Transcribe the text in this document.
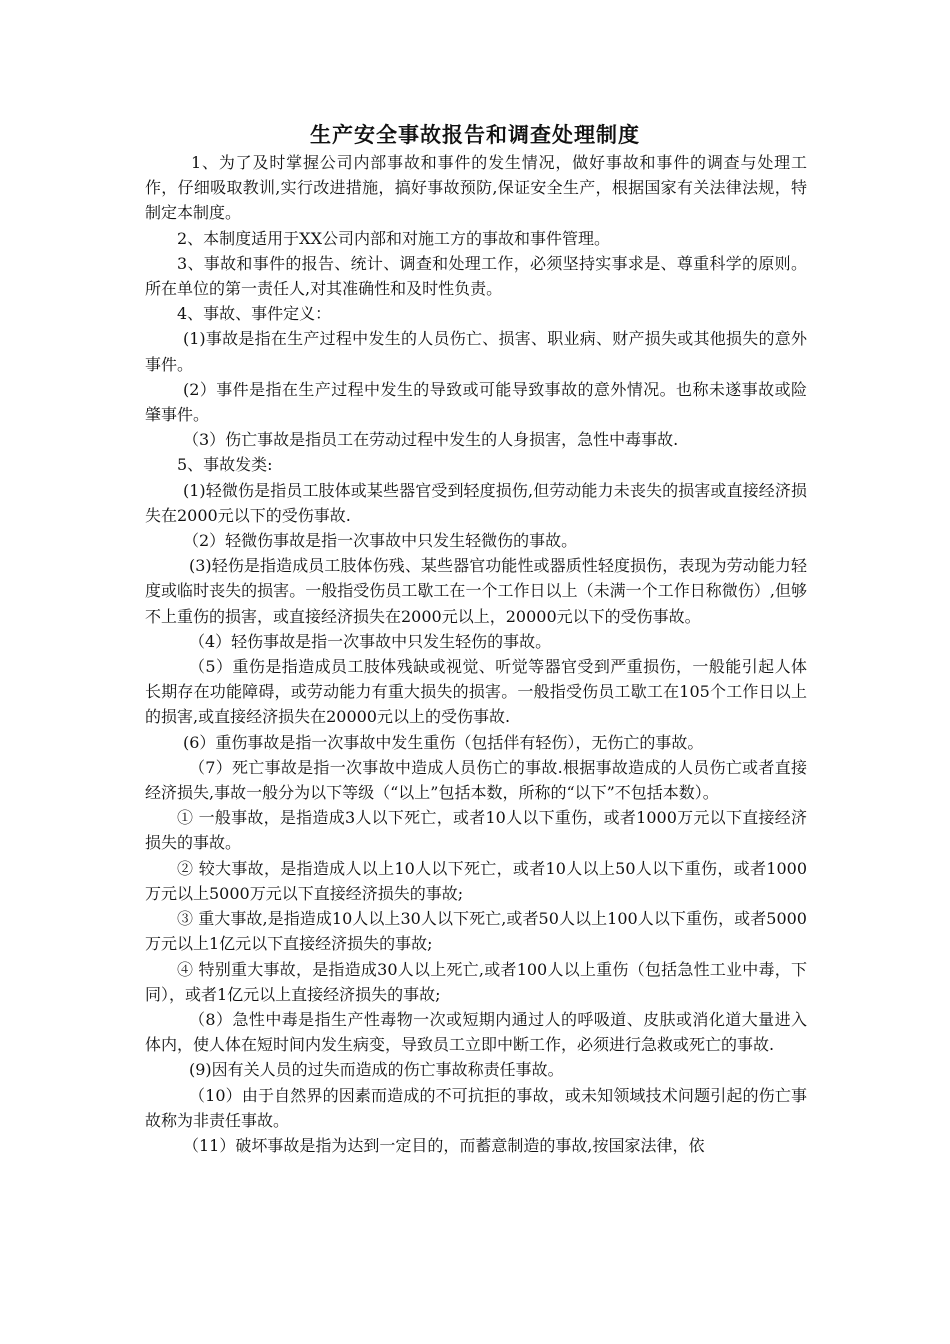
生产安全事故报告和调查处理制度

1、为了及时掌握公司内部事故和事件的发生情况，做好事故和事件的调查与处理工作，仔细吸取教训,实行改进措施，搞好事故预防,保证安全生产，根据国家有关法律法规，特制定本制度。

2、本制度适用于XX公司内部和对施工方的事故和事件管理。

3、事故和事件的报告、统计、调查和处理工作，必须坚持实事求是、尊重科学的原则。所在单位的第一责任人,对其准确性和及时性负责。

4、事故、事件定义：

(1)事故是指在生产过程中发生的人员伤亡、损害、职业病、财产损失或其他损失的意外事件。

(2）事件是指在生产过程中发生的导致或可能导致事故的意外情况。也称未遂事故或险肇事件。

（3）伤亡事故是指员工在劳动过程中发生的人身损害，急性中毒事故.

5、事故发类:

(1)轻微伤是指员工肢体或某些器官受到轻度损伤,但劳动能力未丧失的损害或直接经济损失在2000元以下的受伤事故.

（2）轻微伤事故是指一次事故中只发生轻微伤的事故。

(3)轻伤是指造成员工肢体伤残、某些器官功能性或器质性轻度损伤，表现为劳动能力轻度或临时丧失的损害。一般指受伤员工歇工在一个工作日以上（未满一个工作日称微伤）,但够不上重伤的损害，或直接经济损失在2000元以上，20000元以下的受伤事故。

（4）轻伤事故是指一次事故中只发生轻伤的事故。

（5）重伤是指造成员工肢体残缺或视觉、听觉等器官受到严重损伤，一般能引起人体长期存在功能障碍，或劳动能力有重大损失的损害。一般指受伤员工歇工在105个工作日以上的损害,或直接经济损失在20000元以上的受伤事故.

(6）重伤事故是指一次事故中发生重伤（包括伴有轻伤），无伤亡的事故。

（7）死亡事故是指一次事故中造成人员伤亡的事故.根据事故造成的人员伤亡或者直接经济损失,事故一般分为以下等级（“以上”包括本数，所称的“以下”不包括本数）。

① 一般事故，是指造成3人以下死亡，或者10人以下重伤，或者1000万元以下直接经济损失的事故。

② 较大事故，是指造成人以上10人以下死亡，或者10人以上50人以下重伤，或者1000万元以上5000万元以下直接经济损失的事故;

③ 重大事故,是指造成10人以上30人以下死亡,或者50人以上100人以下重伤，或者5000万元以上1亿元以下直接经济损失的事故;

④ 特别重大事故，是指造成30人以上死亡,或者100人以上重伤（包括急性工业中毒，下同），或者1亿元以上直接经济损失的事故;

（8）急性中毒是指生产性毒物一次或短期内通过人的呼吸道、皮肤或消化道大量进入体内，使人体在短时间内发生病变，导致员工立即中断工作，必须进行急救或死亡的事故.

(9)因有关人员的过失而造成的伤亡事故称责任事故。

（10）由于自然界的因素而造成的不可抗拒的事故，或未知领域技术问题引起的伤亡事故称为非责任事故。

（11）破坏事故是指为达到一定目的，而蓄意制造的事故,按国家法律，依
